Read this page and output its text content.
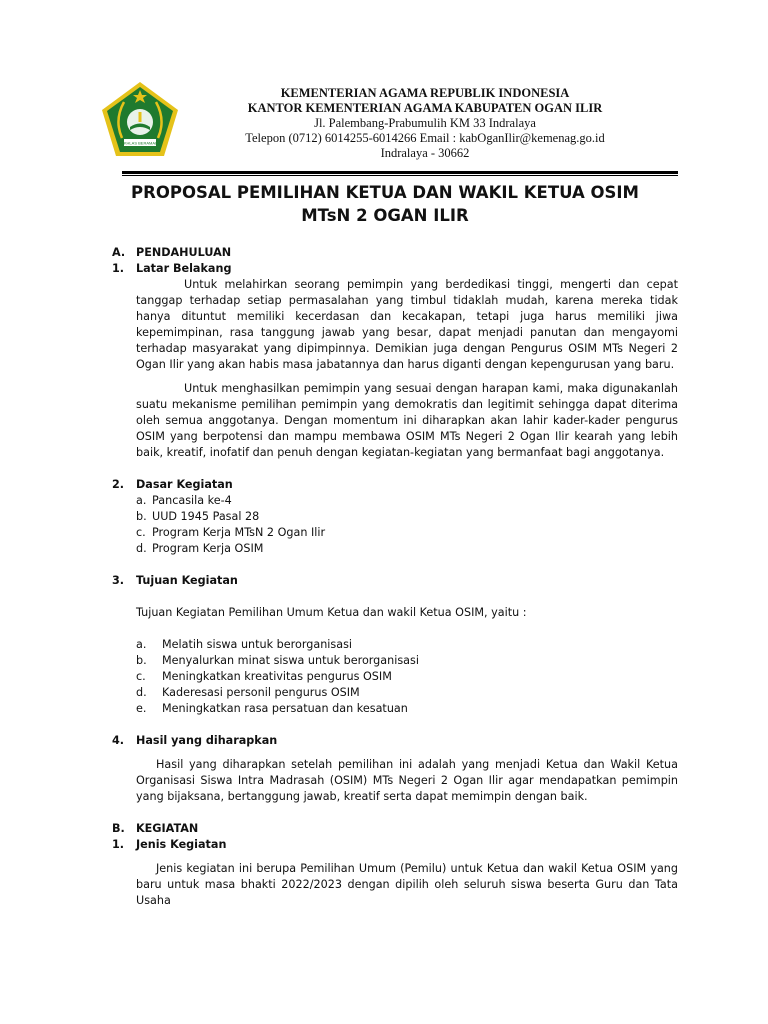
IKHLAS BERAMAL
KEMENTERIAN AGAMA REPUBLIK INDONESIA
KANTOR KEMENTERIAN AGAMA KABUPATEN OGAN ILIR
Jl. Palembang-Prabumulih KM 33 Indralaya
Telepon (0712) 6014255-6014266 Email : kabOganIlir@kemenag.go.id
Indralaya - 30662
PROPOSAL PEMILIHAN KETUA DAN WAKIL KETUA OSIM
MTsN 2 OGAN ILIR
A. PENDAHULUAN
1.	Latar Belakang
Untuk melahirkan seorang pemimpin yang berdedikasi tinggi, mengerti dan cepat tanggap terhadap setiap permasalahan yang timbul tidaklah mudah, karena mereka tidak hanya dituntut memiliki kecerdasan dan kecakapan, tetapi juga harus memiliki jiwa kepemimpinan, rasa tanggung jawab yang besar, dapat menjadi panutan dan mengayomi terhadap masyarakat yang dipimpinnya. Demikian juga dengan Pengurus OSIM MTs Negeri 2 Ogan Ilir yang akan habis masa jabatannya dan harus diganti dengan kepengurusan yang baru.
Untuk menghasilkan pemimpin yang sesuai dengan harapan kami, maka digunakanlah suatu mekanisme pemilihan pemimpin yang demokratis dan legitimit sehingga dapat diterima oleh semua anggotanya. Dengan momentum ini diharapkan akan lahir kader-kader pengurus OSIM yang berpotensi dan mampu membawa OSIM MTs Negeri 2 Ogan Ilir kearah yang lebih baik, kreatif, inofatif dan penuh dengan kegiatan-kegiatan yang bermanfaat bagi anggotanya.
2.	Dasar Kegiatan
a. Pancasila ke-4
b. UUD 1945 Pasal 28
c. Program Kerja MTsN 2 Ogan Ilir
d. Program Kerja OSIM
3.	Tujuan Kegiatan
Tujuan Kegiatan Pemilihan Umum Ketua dan wakil Ketua OSIM, yaitu :
a.	Melatih siswa untuk berorganisasi
b.	Menyalurkan minat siswa untuk berorganisasi
c.	Meningkatkan kreativitas pengurus OSIM
d.	Kaderesasi personil pengurus OSIM
e.	Meningkatkan rasa persatuan dan kesatuan
4.	Hasil yang diharapkan
Hasil yang diharapkan setelah pemilihan ini adalah yang menjadi Ketua dan Wakil Ketua Organisasi Siswa Intra Madrasah (OSIM) MTs Negeri 2 Ogan Ilir agar mendapatkan pemimpin yang bijaksana, bertanggung jawab, kreatif serta dapat memimpin dengan baik.
B.	KEGIATAN
1.	Jenis Kegiatan
Jenis kegiatan ini berupa Pemilihan Umum (Pemilu) untuk Ketua dan wakil Ketua OSIM yang baru untuk masa bhakti 2022/2023 dengan dipilih oleh seluruh siswa beserta Guru dan Tata Usaha
